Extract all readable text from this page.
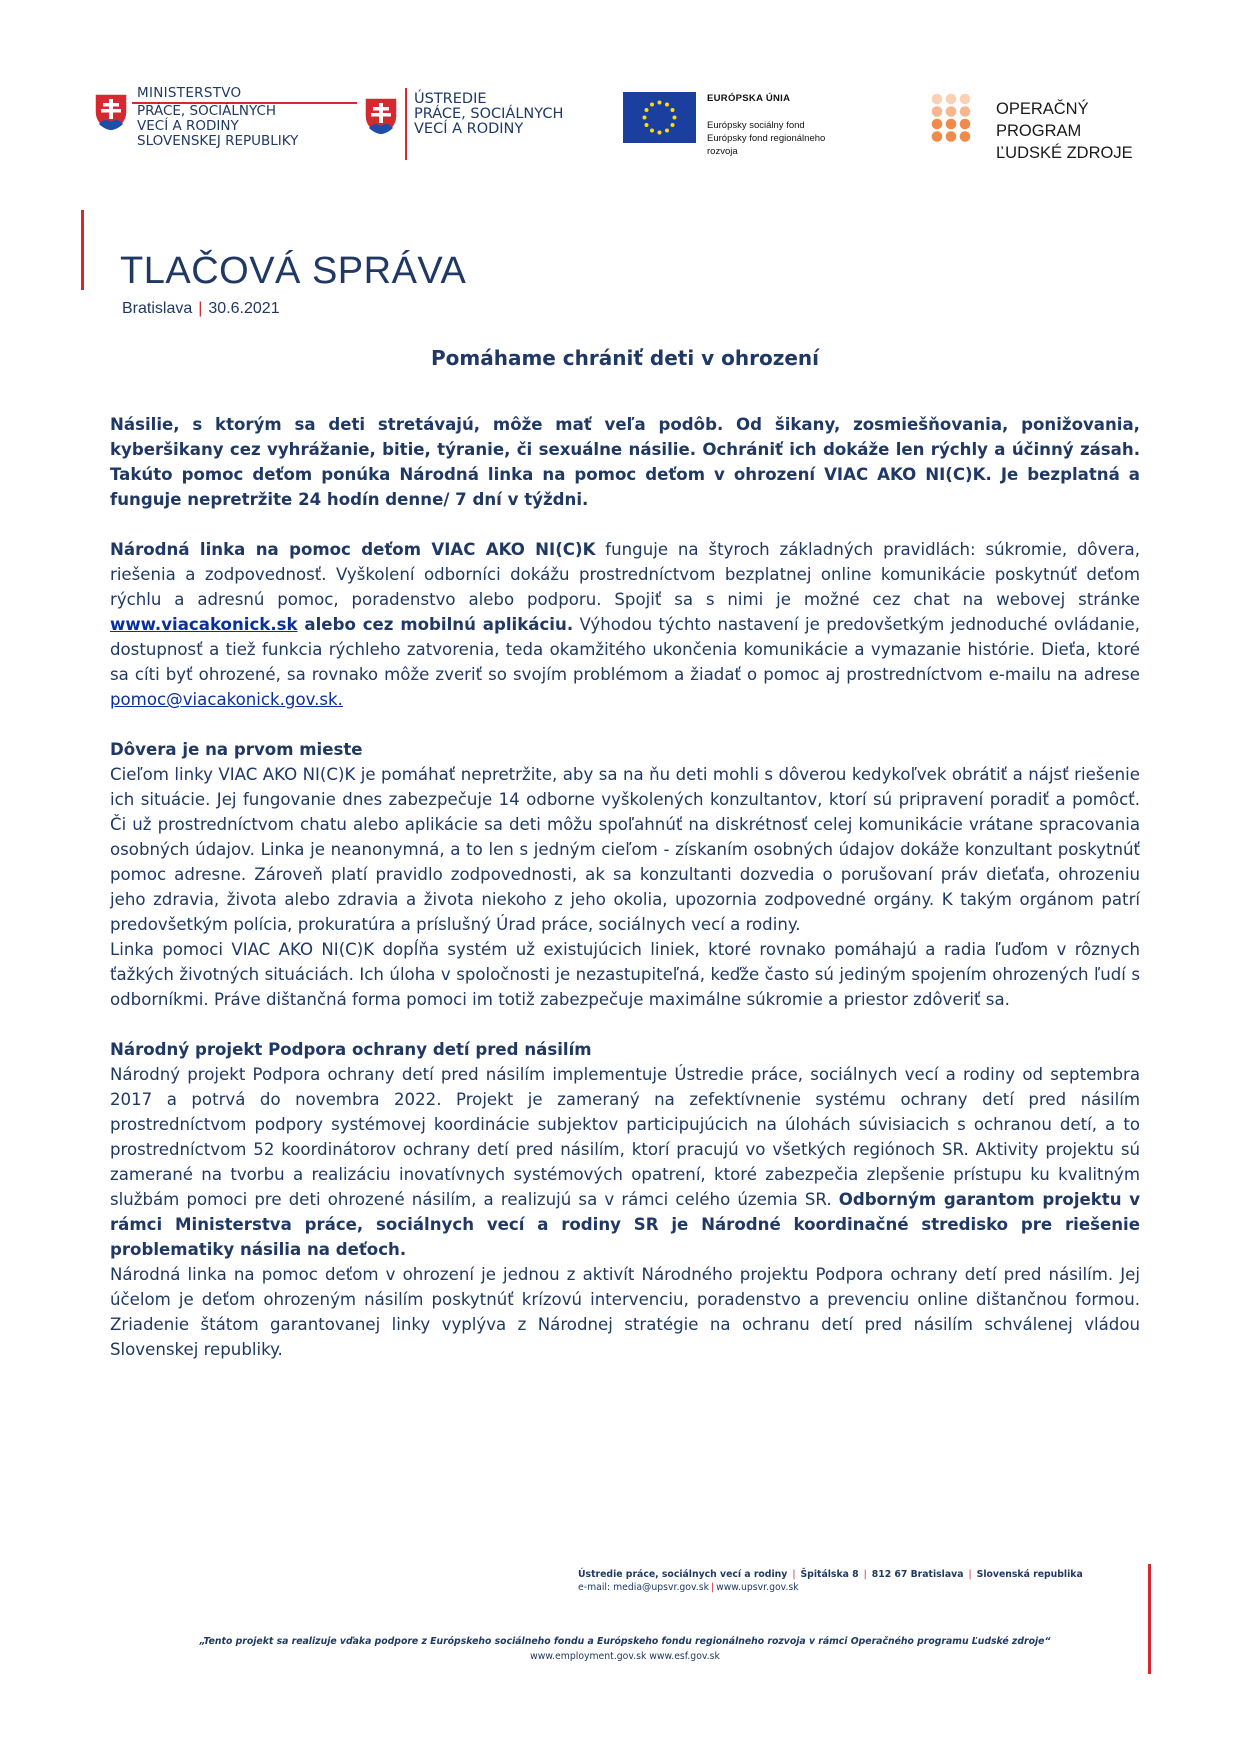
MINISTERSTVO
PRÁCE, SOCIÁLNYCH
VECÍ A RODINY
SLOVENSKEJ REPUBLIKY
ÚSTREDIE
PRÁCE, SOCIÁLNYCH
VECÍ A RODINY
EURÓPSKA ÚNIA
Európsky sociálny fond
Európsky fond regionálneho rozvoja
OPERAČNÝ PROGRAM
ĽUDSKÉ ZDROJE
TLAČOVÁ SPRÁVA
Bratislava | 30.6.2021
Pomáhame chrániť deti v ohrození

Násilie, s ktorým sa deti stretávajú, môže mať veľa podôb. Od šikany, zosmiešňovania, ponižovania, kyberšikany cez vyhrážanie, bitie, týranie, či sexuálne násilie. Ochrániť ich dokáže len rýchly a účinný zásah. Takúto pomoc deťom ponúka Národná linka na pomoc deťom v ohrození VIAC AKO NI(C)K. Je bezplatná a funguje nepretržite 24 hodín denne/ 7 dní v týždni.

Národná linka na pomoc deťom VIAC AKO NI(C)K funguje na štyroch základných pravidlách: súkromie, dôvera, riešenia a zodpovednosť. Vyškolení odborníci dokážu prostredníctvom bezplatnej online komunikácie poskytnúť deťom rýchlu a adresnú pomoc, poradenstvo alebo podporu. Spojiť sa s nimi je možné cez chat na webovej stránke www.viacakonick.sk alebo cez mobilnú aplikáciu. Výhodou týchto nastavení je predovšetkým jednoduché ovládanie, dostupnosť a tiež funkcia rýchleho zatvorenia, teda okamžitého ukončenia komunikácie a vymazanie histórie. Dieťa, ktoré sa cíti byť ohrozené, sa rovnako môže zveriť so svojím problémom a žiadať o pomoc aj prostredníctvom e-mailu na adrese pomoc@viacakonick.gov.sk.

Dôvera je na prvom mieste

Cieľom linky VIAC AKO NI(C)K je pomáhať nepretržite, aby sa na ňu deti mohli s dôverou kedykoľvek obrátiť a nájsť riešenie ich situácie. Jej fungovanie dnes zabezpečuje 14 odborne vyškolených konzultantov, ktorí sú pripravení poradiť a pomôcť. Či už prostredníctvom chatu alebo aplikácie sa deti môžu spoľahnúť na diskrétnosť celej komunikácie vrátane spracovania osobných údajov. Linka je neanonymná, a to len s jedným cieľom - získaním osobných údajov dokáže konzultant poskytnúť pomoc adresne. Zároveň platí pravidlo zodpovednosti, ak sa konzultanti dozvedia o porušovaní práv dieťaťa, ohrozeniu jeho zdravia, života alebo zdravia a života niekoho z jeho okolia, upozornia zodpovedné orgány. K takým orgánom patrí predovšetkým polícia, prokuratúra a príslušný Úrad práce, sociálnych vecí a rodiny.

Linka pomoci VIAC AKO NI(C)K dopĺňa systém už existujúcich liniek, ktoré rovnako pomáhajú a radia ľuďom v rôznych ťažkých životných situáciách. Ich úloha v spoločnosti je nezastupiteľná, keďže často sú jediným spojením ohrozených ľudí s odborníkmi. Práve dištančná forma pomoci im totiž zabezpečuje maximálne súkromie a priestor zdôveriť sa.

Národný projekt Podpora ochrany detí pred násilím

Národný projekt Podpora ochrany detí pred násilím implementuje Ústredie práce, sociálnych vecí a rodiny od septembra 2017 a potrvá do novembra 2022. Projekt je zameraný na zefektívnenie systému ochrany detí pred násilím prostredníctvom podpory systémovej koordinácie subjektov participujúcich na úlohách súvisiacich s ochranou detí, a to prostredníctvom 52 koordinátorov ochrany detí pred násilím, ktorí pracujú vo všetkých regiónoch SR. Aktivity projektu sú zamerané na tvorbu a realizáciu inovatívnych systémových opatrení, ktoré zabezpečia zlepšenie prístupu ku kvalitným službám pomoci pre deti ohrozené násilím, a realizujú sa v rámci celého územia SR. Odborným garantom projektu v rámci Ministerstva práce, sociálnych vecí a rodiny SR je Národné koordinačné stredisko pre riešenie problematiky násilia na deťoch.

Národná linka na pomoc deťom v ohrození je jednou z aktivít Národného projektu Podpora ochrany detí pred násilím. Jej účelom je deťom ohrozeným násilím poskytnúť krízovú intervenciu, poradenstvo a prevenciu online dištančnou formou. Zriadenie štátom garantovanej linky vyplýva z Národnej stratégie na ochranu detí pred násilím schválenej vládou Slovenskej republiky.

Ústredie práce, sociálnych vecí a rodiny | Špitálska 8 | 812 67 Bratislava | Slovenská republika
e-mail: media@upsvr.gov.sk | www.upsvr.gov.sk
„Tento projekt sa realizuje vďaka podpore z Európskeho sociálneho fondu a Európskeho fondu regionálneho rozvoja v rámci Operačného programu Ľudské zdroje“
www.employment.gov.sk www.esf.gov.sk
